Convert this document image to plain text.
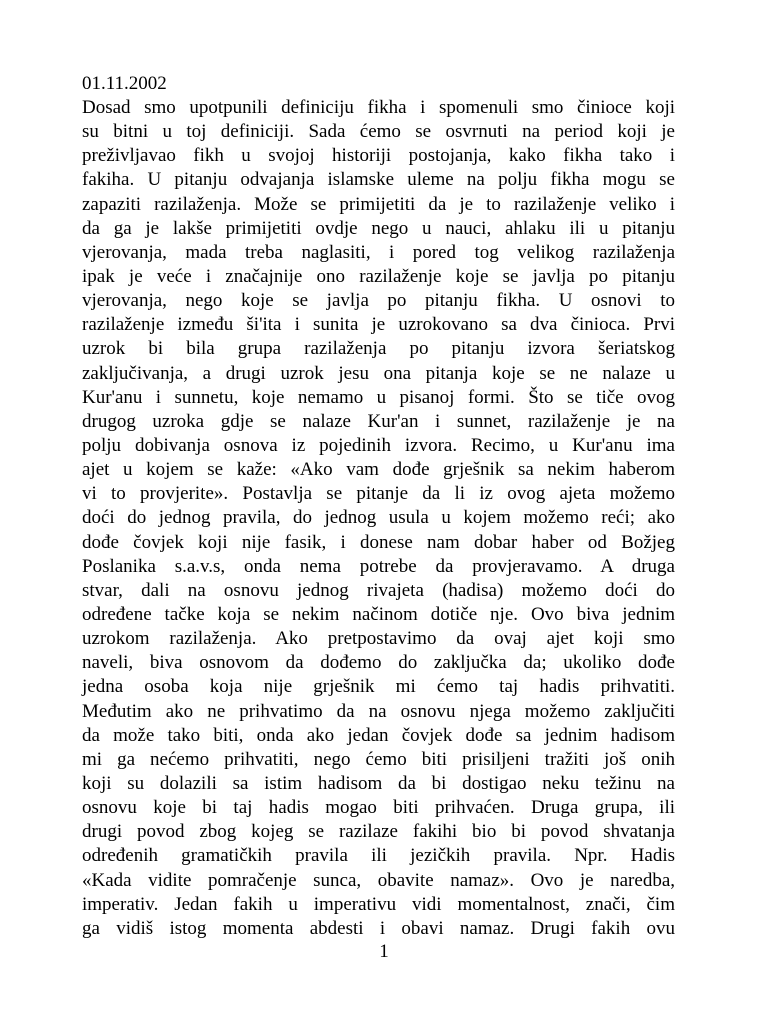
01.11.2002
Dosad smo upotpunili definiciju fikha i spomenuli smo činioce koji
su bitni u toj definiciji. Sada ćemo se osvrnuti na period koji je
preživljavao fikh u svojoj historiji postojanja, kako fikha tako i
fakiha. U pitanju odvajanja islamske uleme na polju fikha mogu se
zapaziti razilaženja. Može se primijetiti da je to razilaženje veliko i
da ga je lakše primijetiti ovdje nego u nauci, ahlaku ili u pitanju
vjerovanja, mada treba naglasiti, i pored tog velikog razilaženja
ipak je veće i značajnije ono razilaženje koje se javlja po pitanju
vjerovanja, nego koje se javlja po pitanju fikha. U osnovi to
razilaženje između ši'ita i sunita je uzrokovano sa dva činioca. Prvi
uzrok bi bila grupa razilaženja po pitanju izvora šeriatskog
zaključivanja, a drugi uzrok jesu ona pitanja koje se ne nalaze u
Kur'anu i sunnetu, koje nemamo u pisanoj formi. Što se tiče ovog
drugog uzroka gdje se nalaze Kur'an i sunnet, razilaženje je na
polju dobivanja osnova iz pojedinih izvora. Recimo, u Kur'anu ima
ajet u kojem se kaže: «Ako vam dođe grješnik sa nekim haberom
vi to provjerite». Postavlja se pitanje da li iz ovog ajeta možemo
doći do jednog pravila, do jednog usula u kojem možemo reći; ako
dođe čovjek koji nije fasik, i donese nam dobar haber od Božjeg
Poslanika s.a.v.s, onda nema potrebe da provjeravamo. A druga
stvar, dali na osnovu jednog rivajeta (hadisa) možemo doći do
određene tačke koja se nekim načinom dotiče nje. Ovo biva jednim
uzrokom razilaženja. Ako pretpostavimo da ovaj ajet koji smo
naveli, biva osnovom da dođemo do zaključka da; ukoliko dođe
jedna osoba koja nije grješnik mi ćemo taj hadis prihvatiti.
Međutim ako ne prihvatimo da na osnovu njega možemo zaključiti
da može tako biti, onda ako jedan čovjek dođe sa jednim hadisom
mi ga nećemo prihvatiti, nego ćemo biti prisiljeni tražiti još onih
koji su dolazili sa istim hadisom da bi dostigao neku težinu na
osnovu koje bi taj hadis mogao biti prihvaćen. Druga grupa, ili
drugi povod zbog kojeg se razilaze fakihi bio bi povod shvatanja
određenih gramatičkih pravila ili jezičkih pravila. Npr. Hadis
«Kada vidite pomračenje sunca, obavite namaz». Ovo je naredba,
imperativ. Jedan fakih u imperativu vidi momentalnost, znači, čim
ga vidiš istog momenta abdesti i obavi namaz. Drugi fakih ovu
1
